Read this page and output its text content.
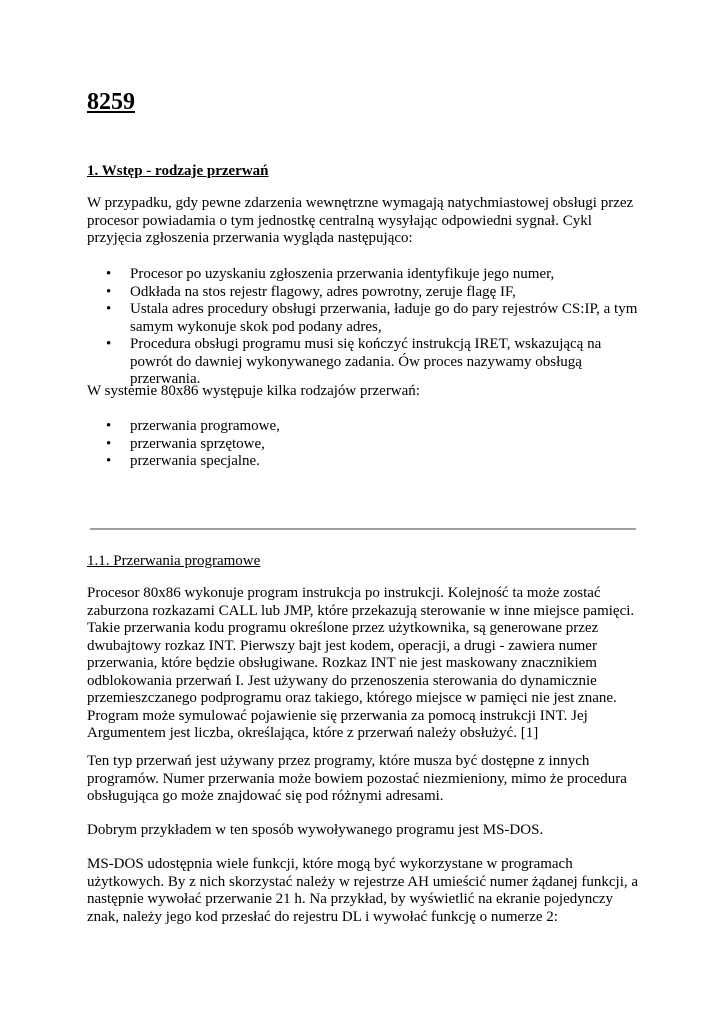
8259
1. Wstęp - rodzaje przerwań

W przypadku, gdy pewne zdarzenia wewnętrzne wymagają natychmiastowej obsługi przez procesor powiadamia o tym jednostkę centralną wysyłając odpowiedni sygnał. Cykl przyjęcia zgłoszenia przerwania wygląda następująco:

• Procesor po uzyskaniu zgłoszenia przerwania identyfikuje jego numer,
• Odkłada na stos rejestr flagowy, adres powrotny, zeruje flagę IF,
• Ustala adres procedury obsługi przerwania, ładuje go do pary rejestrów CS:IP, a tym samym wykonuje skok pod podany adres,
• Procedura obsługi programu musi się kończyć instrukcją IRET, wskazującą na powrót do dawniej wykonywanego zadania. Ów proces nazywamy obsługą przerwania.

W systemie 80x86 występuje kilka rodzajów przerwań:

• przerwania programowe,
• przerwania sprzętowe,
• przerwania specjalne.
1.1. Przerwania programowe

Procesor 80x86 wykonuje program instrukcja po instrukcji. Kolejność ta może zostać zaburzona rozkazami CALL lub JMP, które przekazują sterowanie w inne miejsce pamięci. Takie przerwania kodu programu określone przez użytkownika, są generowane przez dwubajtowy rozkaz INT. Pierwszy bajt jest kodem, operacji, a drugi - zawiera numer przerwania, które będzie obsługiwane. Rozkaz INT nie jest maskowany znacznikiem odblokowania przerwań I. Jest używany do przenoszenia sterowania do dynamicznie przemieszczanego podprogramu oraz takiego, którego miejsce w pamięci nie jest znane. Program może symulować pojawienie się przerwania za pomocą instrukcji INT. Jej Argumentem jest liczba, określająca, które z przerwań należy obsłużyć. [1]

Ten typ przerwań jest używany przez programy, które musza być dostępne z innych programów. Numer przerwania może bowiem pozostać niezmieniony, mimo że procedura obsługująca go może znajdować się pod różnymi adresami.

Dobrym przykładem w ten sposób wywoływanego programu jest MS-DOS.

MS-DOS udostępnia wiele funkcji, które mogą być wykorzystane w programach użytkowych. By z nich skorzystać należy w rejestrze AH umieścić numer żądanej funkcji, a następnie wywołać przerwanie 21 h. Na przykład, by wyświetlić na ekranie pojedynczy znak, należy jego kod przesłać do rejestru DL i wywołać funkcję o numerze 2:
